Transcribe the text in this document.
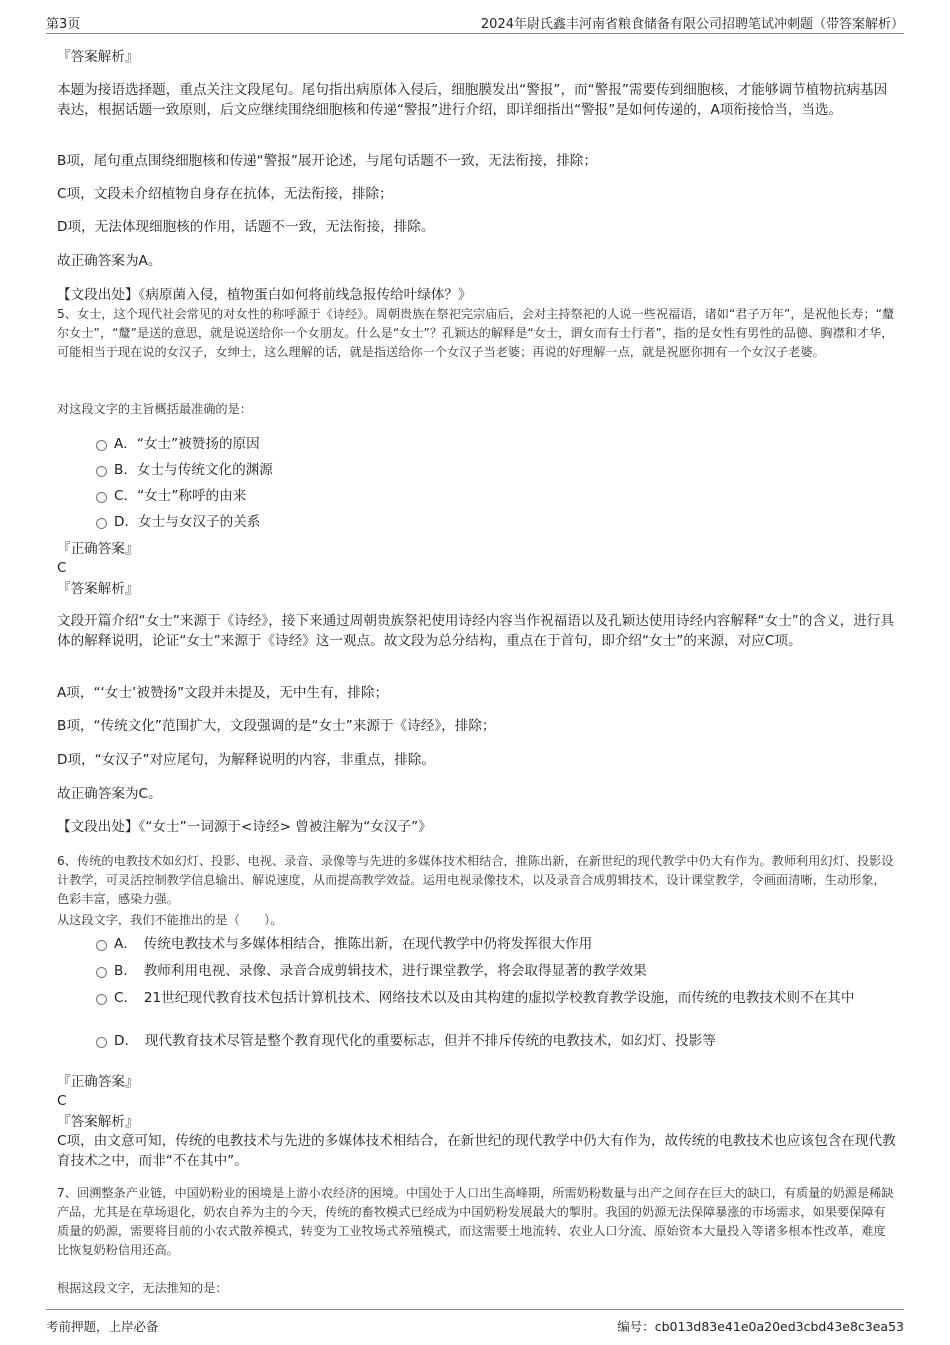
第3页	2024年尉氏鑫丰河南省粮食储备有限公司招聘笔试冲刺题（带答案解析）

『答案解析』

本题为接语选择题，重点关注文段尾句。尾句指出病原体入侵后，细胞膜发出“警报”，而“警报”需要传到细胞核，才能够调节植物抗病基因表达，根据话题一致原则，后文应继续围绕细胞核和传递“警报”进行介绍，即详细指出“警报”是如何传递的，A项衔接恰当，当选。

B项，尾句重点围绕细胞核和传递“警报”展开论述，与尾句话题不一致，无法衔接，排除；

C项，文段未介绍植物自身存在抗体，无法衔接，排除；

D项，无法体现细胞核的作用，话题不一致，无法衔接，排除。

故正确答案为A。

【文段出处】《病原菌入侵，植物蛋白如何将前线急报传给叶绿体？》

5、女士，这个现代社会常见的对女性的称呼源于《诗经》。周朝贵族在祭祀完宗庙后，会对主持祭祀的人说一些祝福语，诸如“君子万年”，是祝他长寿；“釐尔女士”，“釐”是送的意思，就是说送给你一个女朋友。什么是“女士”？孔颖达的解释是“女士，谓女而有士行者”，指的是女性有男性的品德、胸襟和才华，可能相当于现在说的女汉子，女绅士，这么理解的话，就是指送给你一个女汉子当老婆；再说的好理解一点，就是祝愿你拥有一个女汉子老婆。

对这段文字的主旨概括最准确的是：

A．“女士”被赞扬的原因
B．女士与传统文化的渊源
C．“女士”称呼的由来
D．女士与女汉子的关系

『正确答案』

C

『答案解析』

文段开篇介绍“女士”来源于《诗经》，接下来通过周朝贵族祭祀使用诗经内容当作祝福语以及孔颖达使用诗经内容解释“女士”的含义，进行具体的解释说明，论证“女士”来源于《诗经》这一观点。故文段为总分结构，重点在于首句，即介绍“女士”的来源，对应C项。

A项，“‘女士’被赞扬”文段并未提及，无中生有，排除；

B项，“传统文化”范围扩大，文段强调的是“女士”来源于《诗经》，排除；

D项，“女汉子”对应尾句，为解释说明的内容，非重点，排除。

故正确答案为C。

【文段出处】《“女士”一词源于<诗经> 曾被注解为“女汉子”》

6、传统的电教技术如幻灯、投影、电视、录音、录像等与先进的多媒体技术相结合，推陈出新，在新世纪的现代教学中仍大有作为。教师利用幻灯、投影设计教学，可灵活控制教学信息输出、解说速度，从而提高教学效益。运用电视录像技术，以及录音合成剪辑技术，设计课堂教学，令画面清晰，生动形象，色彩丰富，感染力强。

从这段文字，我们不能推出的是（　　）。

A．　传统电教技术与多媒体相结合，推陈出新，在现代教学中仍将发挥很大作用
B．　教师利用电视、录像、录音合成剪辑技术，进行课堂教学，将会取得显著的教学效果
C．　21世纪现代教育技术包括计算机技术、网络技术以及由其构建的虚拟学校教育教学设施，而传统的电教技术则不在其中
D．　现代教育技术尽管是整个教育现代化的重要标志，但并不排斥传统的电教技术，如幻灯、投影等

『正确答案』

C

『答案解析』

C项，由文意可知，传统的电教技术与先进的多媒体技术相结合，在新世纪的现代教学中仍大有作为，故传统的电教技术也应该包含在现代教育技术之中，而非“不在其中”。

7、回溯整条产业链，中国奶粉业的困境是上游小农经济的困境。中国处于人口出生高峰期，所需奶粉数量与出产之间存在巨大的缺口，有质量的奶源是稀缺产品，尤其是在草场退化，奶农自养为主的今天，传统的畜牧模式已经成为中国奶粉发展最大的掣肘。我国的奶源无法保障暴涨的市场需求，如果要保障有质量的奶源，需要将目前的小农式散养模式，转变为工业牧场式养殖模式，而这需要土地流转、农业人口分流、原始资本大量投入等诸多根本性改革，难度比恢复奶粉信用还高。

根据这段文字，无法推知的是：

考前押题，上岸必备	编号：cb013d83e41e0a20ed3cbd43e8c3ea53
